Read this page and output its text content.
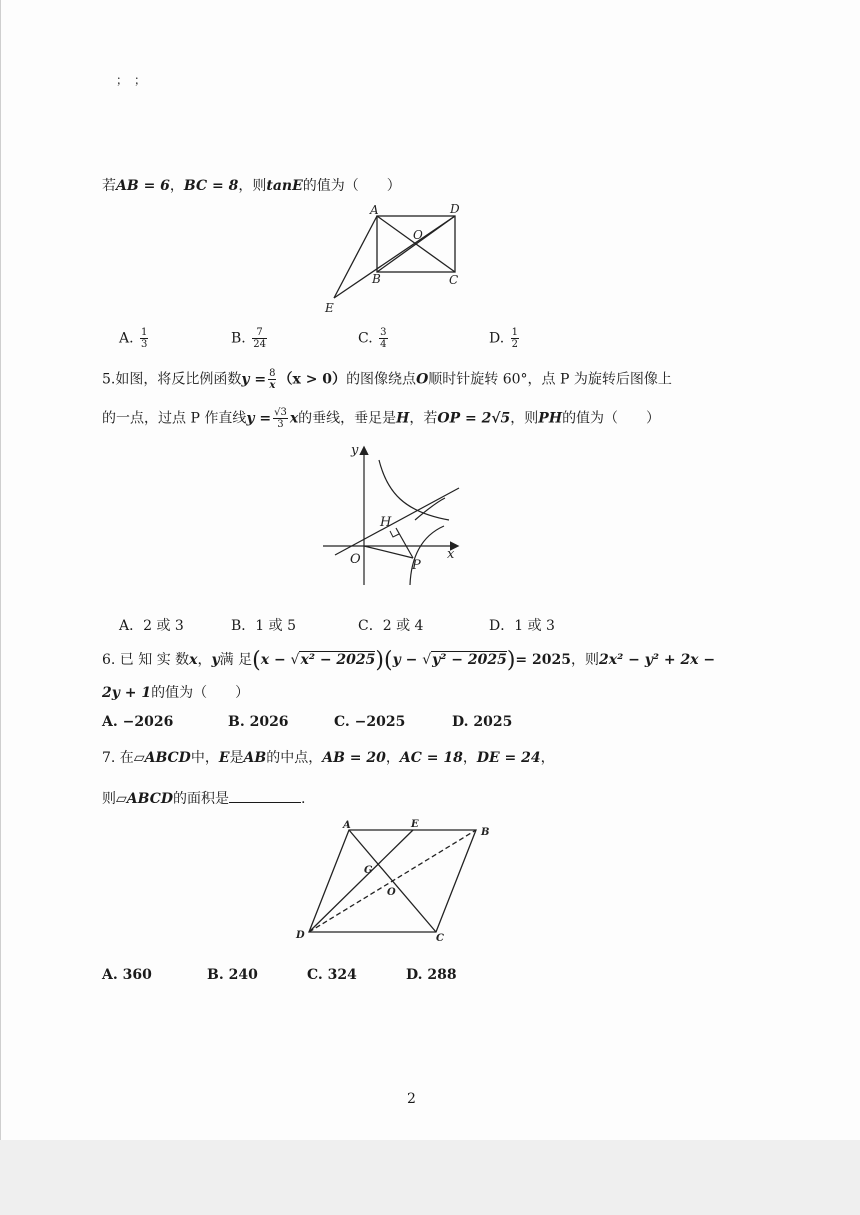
；；
若AB = 6，BC = 8，则tanE的值为（　　）
A	D
O
B	C
E
A. $\frac{1}{3}$	B. $\frac{7}{24}$	C. $\frac{3}{4}$	D. $\frac{1}{2}$
5.如图，将反比例函数$y = \frac{8}{x} (x > 0)$的图像绕点O顺时针旋转 60°，点 P 为旋转后图像上
的一点，过点 P 作直线$y = \frac{√3}{3}$ x的垂线，垂足是H，若OP = 2√5，则PH的值为（　　）
y
x
O
H
P
A．2 或 3	B．1 或 5	C．2 或 4	D．1 或 3
6. 已 知 实 数x，y满 足(x − √x² − 2025)(y − √y² − 2025)= 2025，则2x² − y² + 2x −
2y + 1的值为（　　）
A. −2026	B. 2026	C. −2025	D. 2025
7. 在▱ABCD中，E是AB的中点，AB = 20，AC = 18，DE = 24，
则▱ABCD的面积是	.
A	E
B
G
O
D	C
A. 360	B. 240	C. 324	D. 288
2
